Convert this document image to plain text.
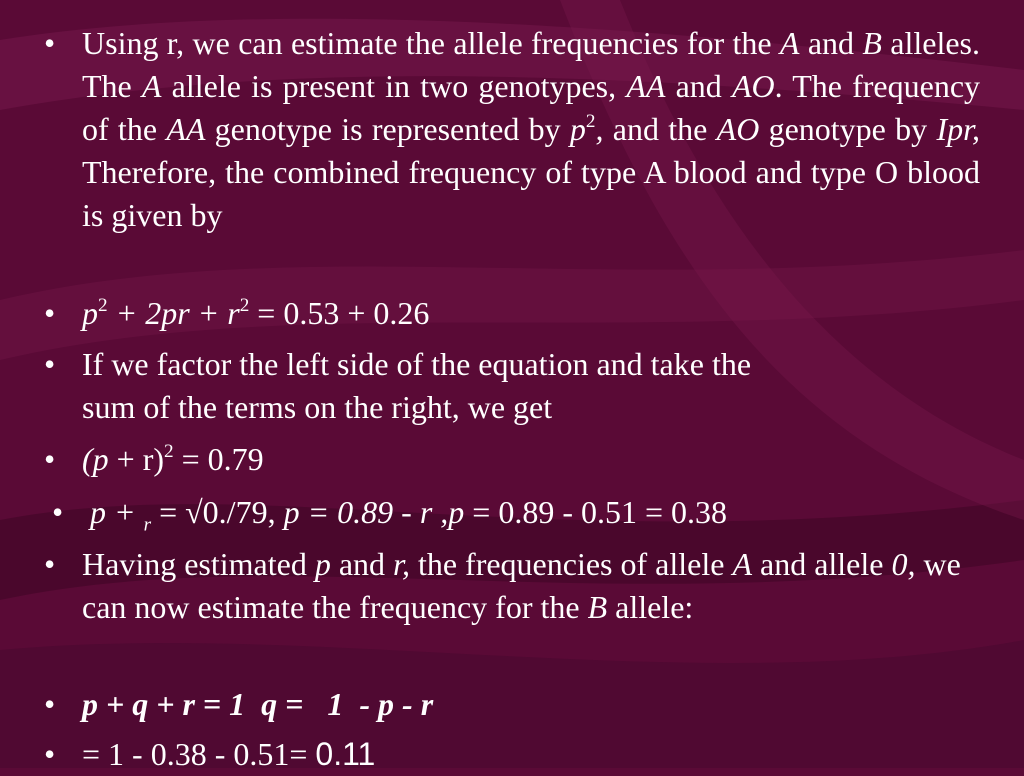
• Using r, we can estimate the allele frequencies for the A and B alleles. The A allele is present in two genotypes, AA and AO. The frequency of the AA genotype is represented by $p^2$, and the AO genotype by Ipr, Therefore, the combined frequency of type A blood and type O blood is given by
• $p^2 + 2pr + r^2 = 0.53 + 0.26$
• If we factor the left side of the equation and take the
sum of the terms on the right, we get
• $(p + r)^2 = 0.79$
• p + $_r$ = √0./79, p = 0.89 - r ,p = 0.89 - 0.51 = 0.38
• Having estimated p and r, the frequencies of allele A and allele 0, we can now estimate the frequency for the B allele:
• p + q + r = 1  q =   1  - p - r
• = 1 - 0.38 - 0.51= 0.11
